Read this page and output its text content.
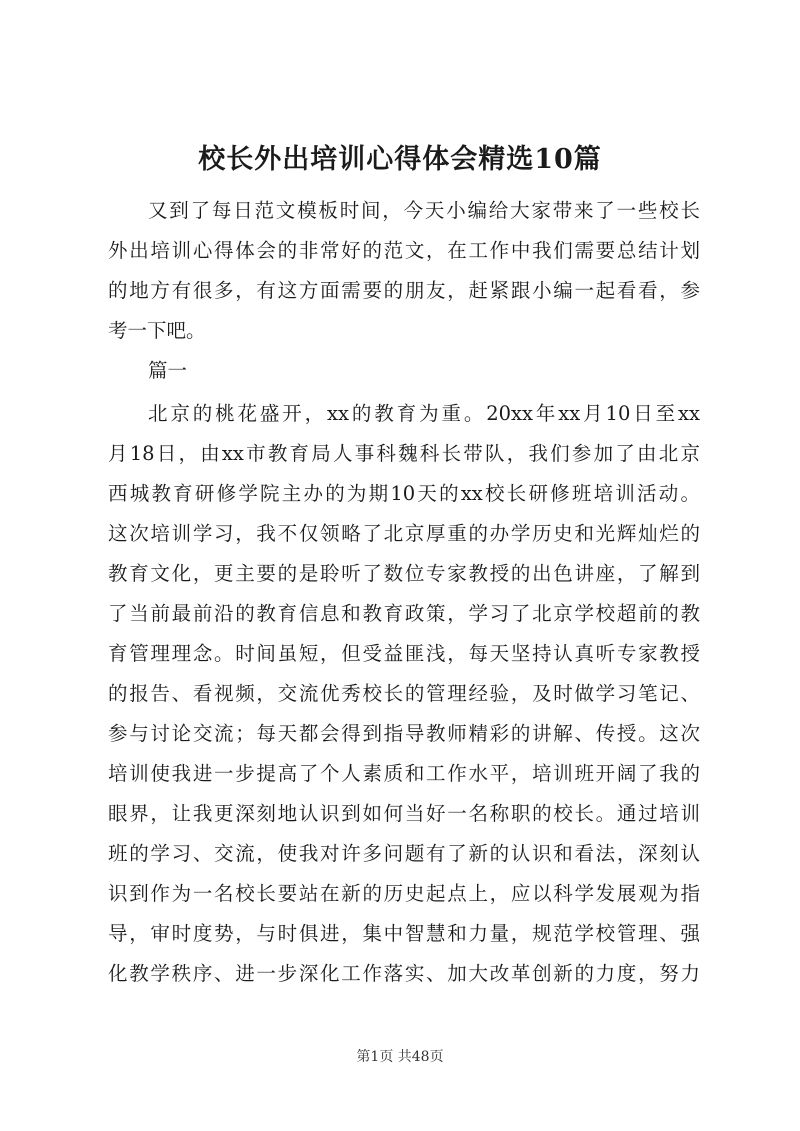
校长外出培训心得体会精选10篇

又到了每日范文模板时间，今天小编给大家带来了一些校长

外出培训心得体会的非常好的范文，在工作中我们需要总结计划

的地方有很多，有这方面需要的朋友，赶紧跟小编一起看看，参

考一下吧。

篇一

北京的桃花盛开，xx的教育为重。20xx年xx月10日至xx

月18日，由xx市教育局人事科魏科长带队，我们参加了由北京

西城教育研修学院主办的为期10天的xx校长研修班培训活动。

这次培训学习，我不仅领略了北京厚重的办学历史和光辉灿烂的

教育文化，更主要的是聆听了数位专家教授的出色讲座，了解到

了当前最前沿的教育信息和教育政策，学习了北京学校超前的教

育管理理念。时间虽短，但受益匪浅，每天坚持认真听专家教授

的报告、看视频，交流优秀校长的管理经验，及时做学习笔记、

参与讨论交流；每天都会得到指导教师精彩的讲解、传授。这次

培训使我进一步提高了个人素质和工作水平，培训班开阔了我的

眼界，让我更深刻地认识到如何当好一名称职的校长。通过培训

班的学习、交流，使我对许多问题有了新的认识和看法，深刻认

识到作为一名校长要站在新的历史起点上，应以科学发展观为指

导，审时度势，与时俱进，集中智慧和力量，规范学校管理、强

化教学秩序、进一步深化工作落实、加大改革创新的力度，努力

第1页 共48页
